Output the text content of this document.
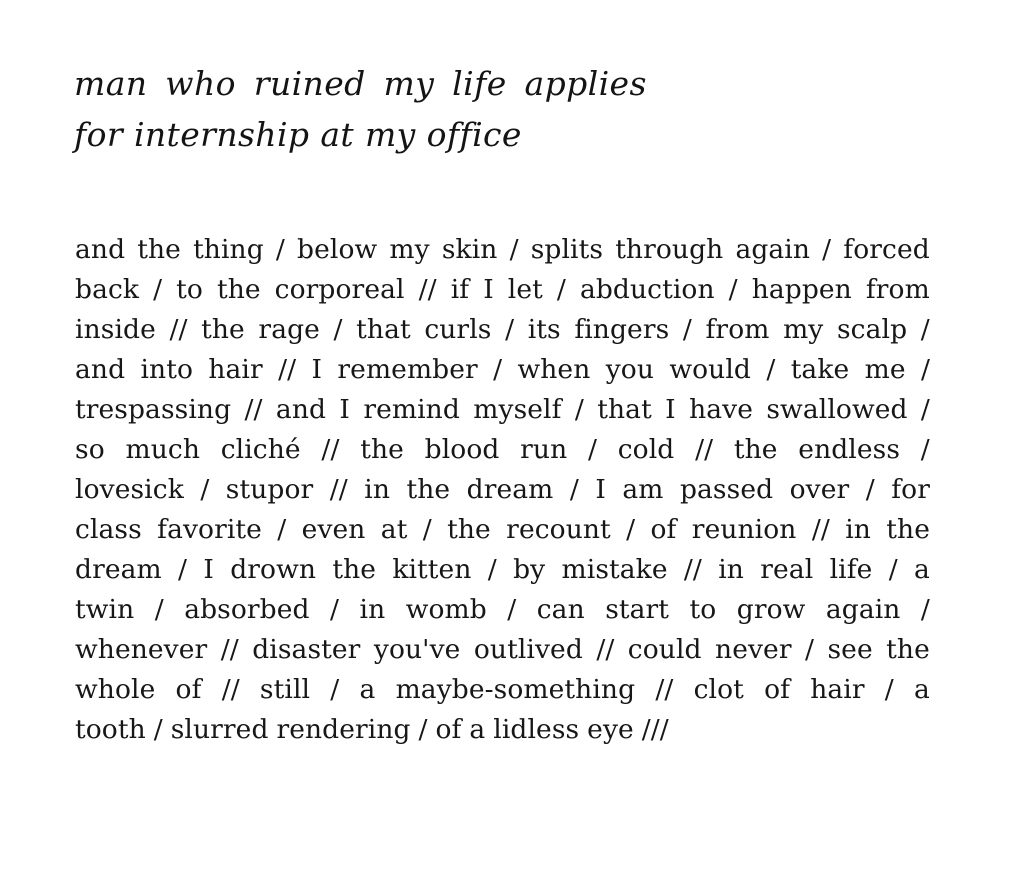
man who ruined my life applies
for internship at my office
and the thing / below my skin / splits through again / forced
back / to the corporeal // if I let / abduction / happen from
inside // the rage / that curls / its fingers / from my scalp /
and into hair // I remember / when you would / take me /
trespassing // and I remind myself / that I have swallowed /
so much cliché // the blood run / cold // the endless /
lovesick / stupor // in the dream / I am passed over / for
class favorite / even at / the recount / of reunion // in the
dream / I drown the kitten / by mistake // in real life / a
twin / absorbed / in womb / can start to grow again /
whenever // disaster you've outlived // could never / see the
whole of // still / a maybe-something // clot of hair / a
tooth / slurred rendering / of a lidless eye ///
